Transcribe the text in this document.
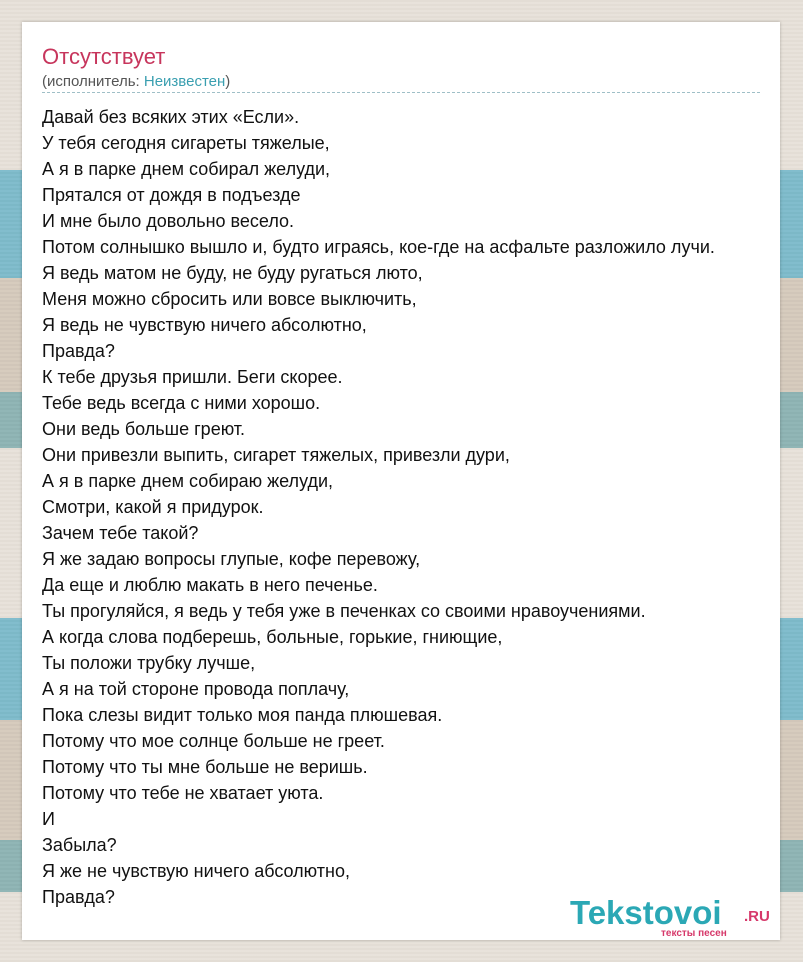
Отсутствует
(исполнитель: Неизвестен)
Давай без всяких этих «Если».
У тебя сегодня сигареты тяжелые,
А я в парке днем собирал желуди,
Прятался от дождя в подъезде
И мне было довольно весело.
Потом солнышко вышло и, будто играясь, кое-где на асфальте разложило лучи.
Я ведь матом не буду, не буду ругаться люто,
Меня можно сбросить или вовсе выключить,
Я ведь не чувствую ничего абсолютно,
Правда?
К тебе друзья пришли. Беги скорее.
Тебе ведь всегда с ними хорошо.
Они ведь больше греют.
Они привезли выпить, сигарет тяжелых, привезли дури,
А я в парке днем собираю желуди,
Смотри, какой я придурок.
Зачем тебе такой?
Я же задаю вопросы глупые, кофе перевожу,
Да еще и люблю макать в него печенье.
Ты прогуляйся, я ведь у тебя уже в печенках со своими нравоучениями.
А когда слова подберешь, больные, горькие, гниющие,
Ты положи трубку лучше,
А я на той стороне провода поплачу,
Пока слезы видит только моя панда плюшевая.
Потому что мое солнце больше не греет.
Потому что ты мне больше не веришь.
Потому что тебе не хватает уюта.
И
Забыла?
Я же не чувствую ничего абсолютно,
Правда?	Tekstovoi .RU
тексты песен
